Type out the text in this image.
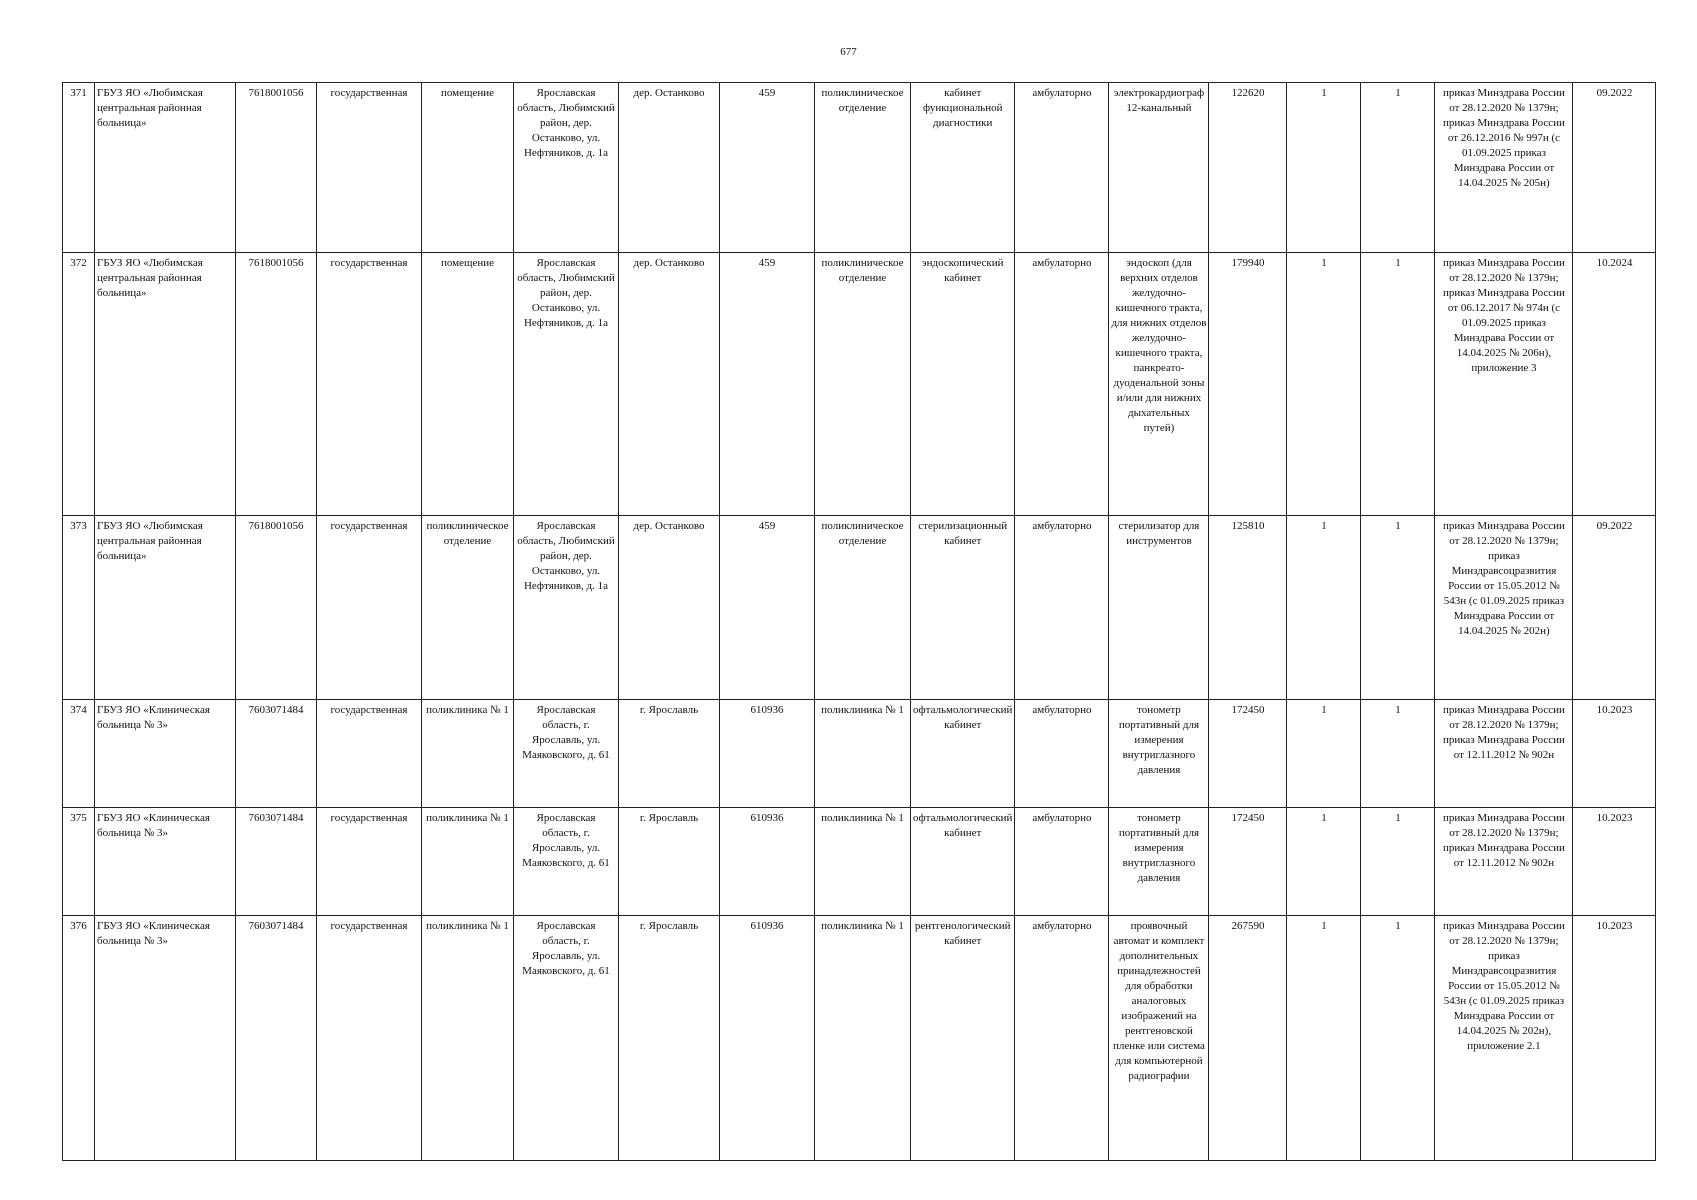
677
371	ГБУЗ ЯО «Любимская центральная районная больница»	7618001056	государственная	помещение	Ярославская область, Любимский район, дер. Останково, ул. Нефтяников, д. 1а	дер. Останково	459	поликлиническое отделение	кабинет функциональной диагностики	амбулаторно	электрокардиограф 12-канальный	122620	1	1	приказ Минздрава России от 28.12.2020 № 1379н; приказ Минздрава России от 26.12.2016 № 997н (с 01.09.2025 приказ Минздрава России от 14.04.2025 № 205н)	09.2022
372	ГБУЗ ЯО «Любимская центральная районная больница»	7618001056	государственная	помещение	Ярославская область, Любимский район, дер. Останково, ул. Нефтяников, д. 1а	дер. Останково	459	поликлиническое отделение	эндоскопический кабинет	амбулаторно	эндоскоп (для верхних отделов желудочно-кишечного тракта, для нижних отделов желудочно-кишечного тракта, панкреато-дуоденальной зоны и/или для нижних дыхательных путей)	179940	1	1	приказ Минздрава России от 28.12.2020 № 1379н; приказ Минздрава России от 06.12.2017 № 974н (с 01.09.2025 приказ Минздрава России от 14.04.2025 № 206н), приложение 3	10.2024
373	ГБУЗ ЯО «Любимская центральная районная больница»	7618001056	государственная	поликлиническое отделение	Ярославская область, Любимский район, дер. Останково, ул. Нефтяников, д. 1а	дер. Останково	459	поликлиническое отделение	стерилизационный кабинет	амбулаторно	стерилизатор для инструментов	125810	1	1	приказ Минздрава России от 28.12.2020 № 1379н; приказ Минздравсоцразвития России от 15.05.2012 № 543н (с 01.09.2025 приказ Минздрава России от 14.04.2025 № 202н)	09.2022
374	ГБУЗ ЯО «Клиническая больница № 3»	7603071484	государственная	поликлиника № 1	Ярославская область, г. Ярославль, ул. Маяковского, д. 61	г. Ярославль	610936	поликлиника № 1	офтальмологический кабинет	амбулаторно	тонометр портативный для измерения внутриглазного давления	172450	1	1	приказ Минздрава России от 28.12.2020 № 1379н; приказ Минздрава России от 12.11.2012 № 902н	10.2023
375	ГБУЗ ЯО «Клиническая больница № 3»	7603071484	государственная	поликлиника № 1	Ярославская область, г. Ярославль, ул. Маяковского, д. 61	г. Ярославль	610936	поликлиника № 1	офтальмологический кабинет	амбулаторно	тонометр портативный для измерения внутриглазного давления	172450	1	1	приказ Минздрава России от 28.12.2020 № 1379н; приказ Минздрава России от 12.11.2012 № 902н	10.2023
376	ГБУЗ ЯО «Клиническая больница № 3»	7603071484	государственная	поликлиника № 1	Ярославская область, г. Ярославль, ул. Маяковского, д. 61	г. Ярославль	610936	поликлиника № 1	рентгенологический кабинет	амбулаторно	проявочный автомат и комплект дополнительных принадлежностей для обработки аналоговых изображений на рентгеновской пленке или система для компьютерной радиографии	267590	1	1	приказ Минздрава России от 28.12.2020 № 1379н; приказ Минздравсоцразвития России от 15.05.2012 № 543н (с 01.09.2025 приказ Минздрава России от 14.04.2025 № 202н), приложение 2.1	10.2023
